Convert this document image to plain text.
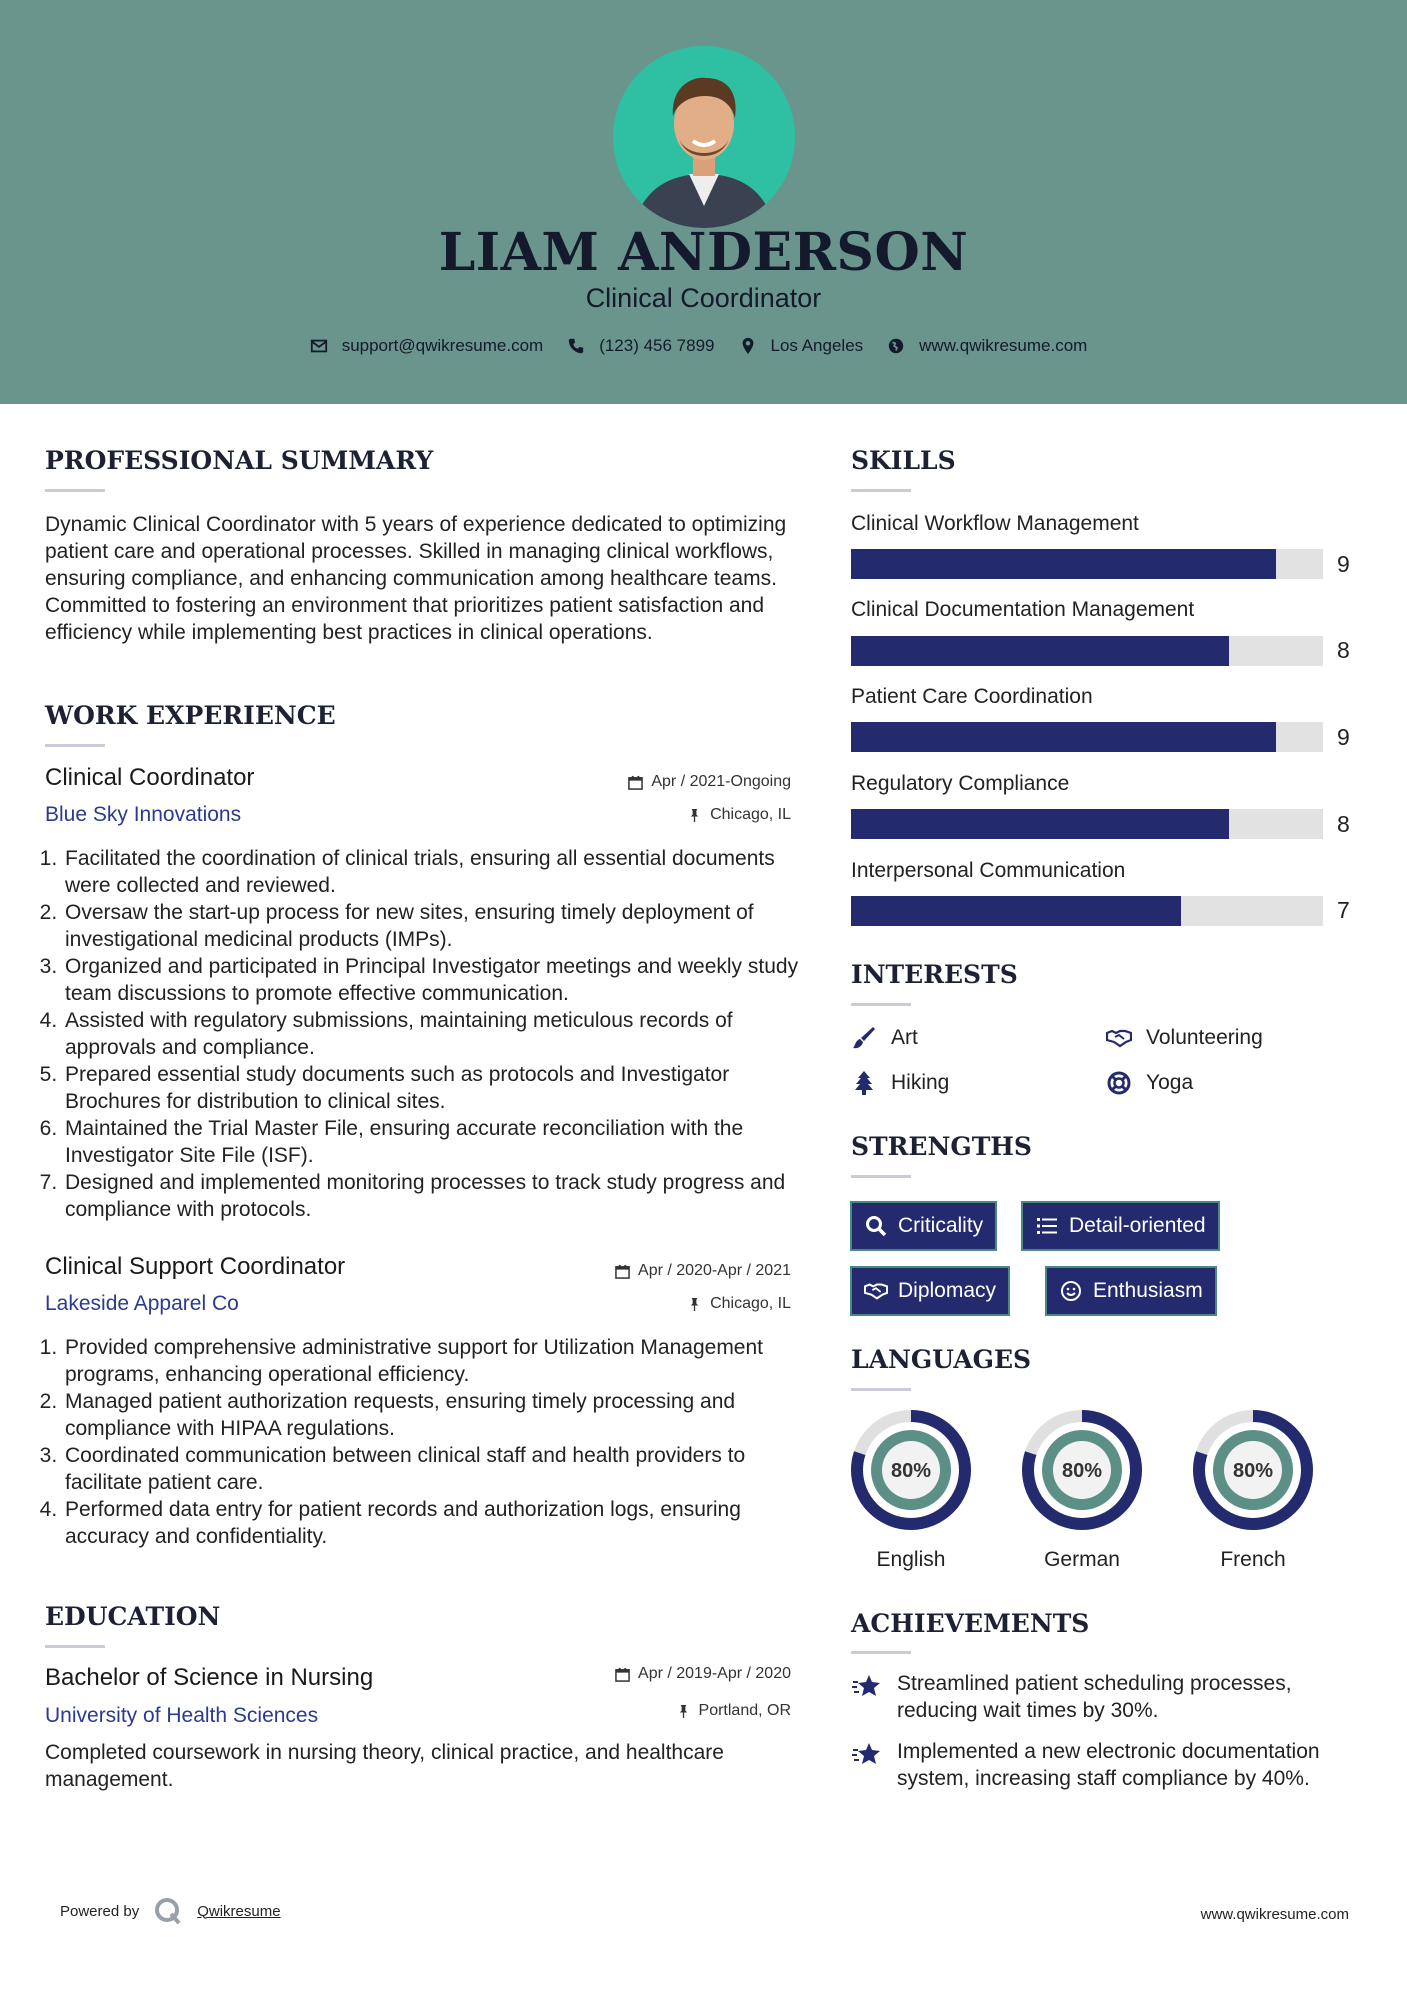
LIAM ANDERSON
Clinical Coordinator
support@qwikresume.com	(123) 456 7899	Los Angeles	www.qwikresume.com
PROFESSIONAL SUMMARY
Dynamic Clinical Coordinator with 5 years of experience dedicated to optimizing patient care and operational processes. Skilled in managing clinical workflows, ensuring compliance, and enhancing communication among healthcare teams. Committed to fostering an environment that prioritizes patient satisfaction and efficiency while implementing best practices in clinical operations.
WORK EXPERIENCE
Clinical Coordinator	Apr / 2021-Ongoing
Blue Sky Innovations	Chicago, IL
1. Facilitated the coordination of clinical trials, ensuring all essential documents were collected and reviewed.
2. Oversaw the start-up process for new sites, ensuring timely deployment of investigational medicinal products (IMPs).
3. Organized and participated in Principal Investigator meetings and weekly study team discussions to promote effective communication.
4. Assisted with regulatory submissions, maintaining meticulous records of approvals and compliance.
5. Prepared essential study documents such as protocols and Investigator Brochures for distribution to clinical sites.
6. Maintained the Trial Master File, ensuring accurate reconciliation with the Investigator Site File (ISF).
7. Designed and implemented monitoring processes to track study progress and compliance with protocols.
Clinical Support Coordinator	Apr / 2020-Apr / 2021
Lakeside Apparel Co	Chicago, IL
1. Provided comprehensive administrative support for Utilization Management programs, enhancing operational efficiency.
2. Managed patient authorization requests, ensuring timely processing and compliance with HIPAA regulations.
3. Coordinated communication between clinical staff and health providers to facilitate patient care.
4. Performed data entry for patient records and authorization logs, ensuring accuracy and confidentiality.
EDUCATION
Bachelor of Science in Nursing	Apr / 2019-Apr / 2020
University of Health Sciences	Portland, OR
Completed coursework in nursing theory, clinical practice, and healthcare management.
SKILLS
Clinical Workflow Management
9
Clinical Documentation Management
8
Patient Care Coordination
9
Regulatory Compliance
8
Interpersonal Communication
7
INTERESTS
Art	Volunteering
Hiking	Yoga
STRENGTHS
Criticality	Detail-oriented
Diplomacy	Enthusiasm
LANGUAGES
80%
English
80%
German
80%
French
ACHIEVEMENTS
Streamlined patient scheduling processes, reducing wait times by 30%.
Implemented a new electronic documentation system, increasing staff compliance by 40%.
Powered by	Qwikresume	www.qwikresume.com
